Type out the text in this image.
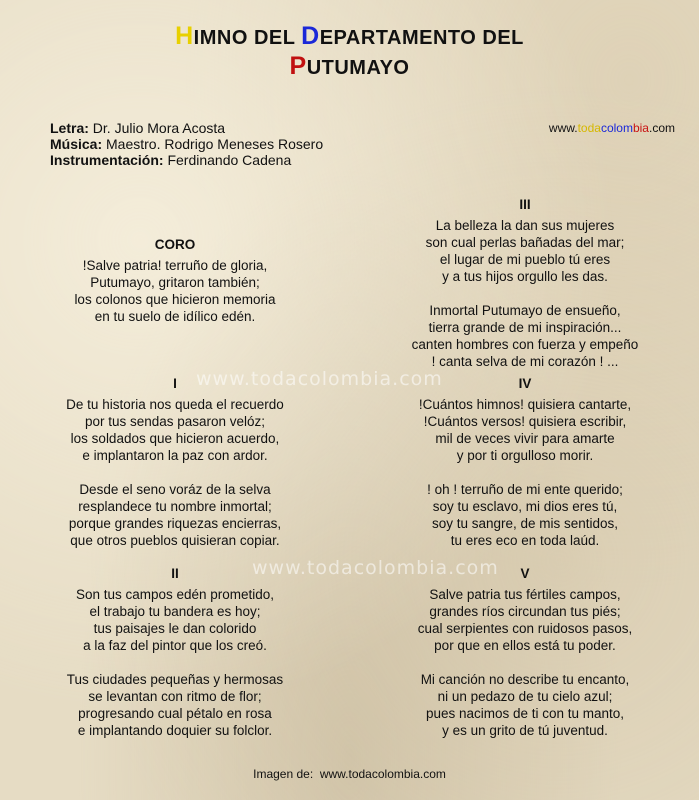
HIMNO DEL DEPARTAMENTO DEL
PUTUMAYO
Letra: Dr. Julio Mora Acosta
Música: Maestro. Rodrigo Meneses Rosero
Instrumentación: Ferdinando Cadena
www.todacolombia.com
www.todacolombia.com
www.todacolombia.com
CORO
!Salve patria! terruño de gloria,
Putumayo, gritaron también;
los colonos que hicieron memoria
en tu suelo de idílico edén.
I
De tu historia nos queda el recuerdo
por tus sendas pasaron velóz;
los soldados que hicieron acuerdo,
e implantaron la paz con ardor.
Desde el seno voráz de la selva
resplandece tu nombre inmortal;
porque grandes riquezas encierras,
que otros pueblos quisieran copiar.
II
Son tus campos edén prometido,
el trabajo tu bandera es hoy;
tus paisajes le dan colorido
a la faz del pintor que los creó.
Tus ciudades pequeñas y hermosas
se levantan con ritmo de flor;
progresando cual pétalo en rosa
e implantando doquier su folclor.
III
La belleza la dan sus mujeres
son cual perlas bañadas del mar;
el lugar de mi pueblo tú eres
y a tus hijos orgullo les das.
Inmortal Putumayo de ensueño,
tierra grande de mi inspiración...
canten hombres con fuerza y empeño
! canta selva de mi corazón ! ...
IV
!Cuántos himnos! quisiera cantarte,
!Cuántos versos! quisiera escribir,
mil de veces vivir para amarte
y por ti orgulloso morir.
! oh ! terruño de mi ente querido;
soy tu esclavo, mi dios eres tú,
soy tu sangre, de mis sentidos,
tu eres eco en toda laúd.
V
Salve patria tus fértiles campos,
grandes ríos circundan tus piés;
cual serpientes con ruidosos pasos,
por que en ellos está tu poder.
Mi canción no describe tu encanto,
ni un pedazo de tu cielo azul;
pues nacimos de ti con tu manto,
y es un grito de tú juventud.
Imagen de: www.todacolombia.com
